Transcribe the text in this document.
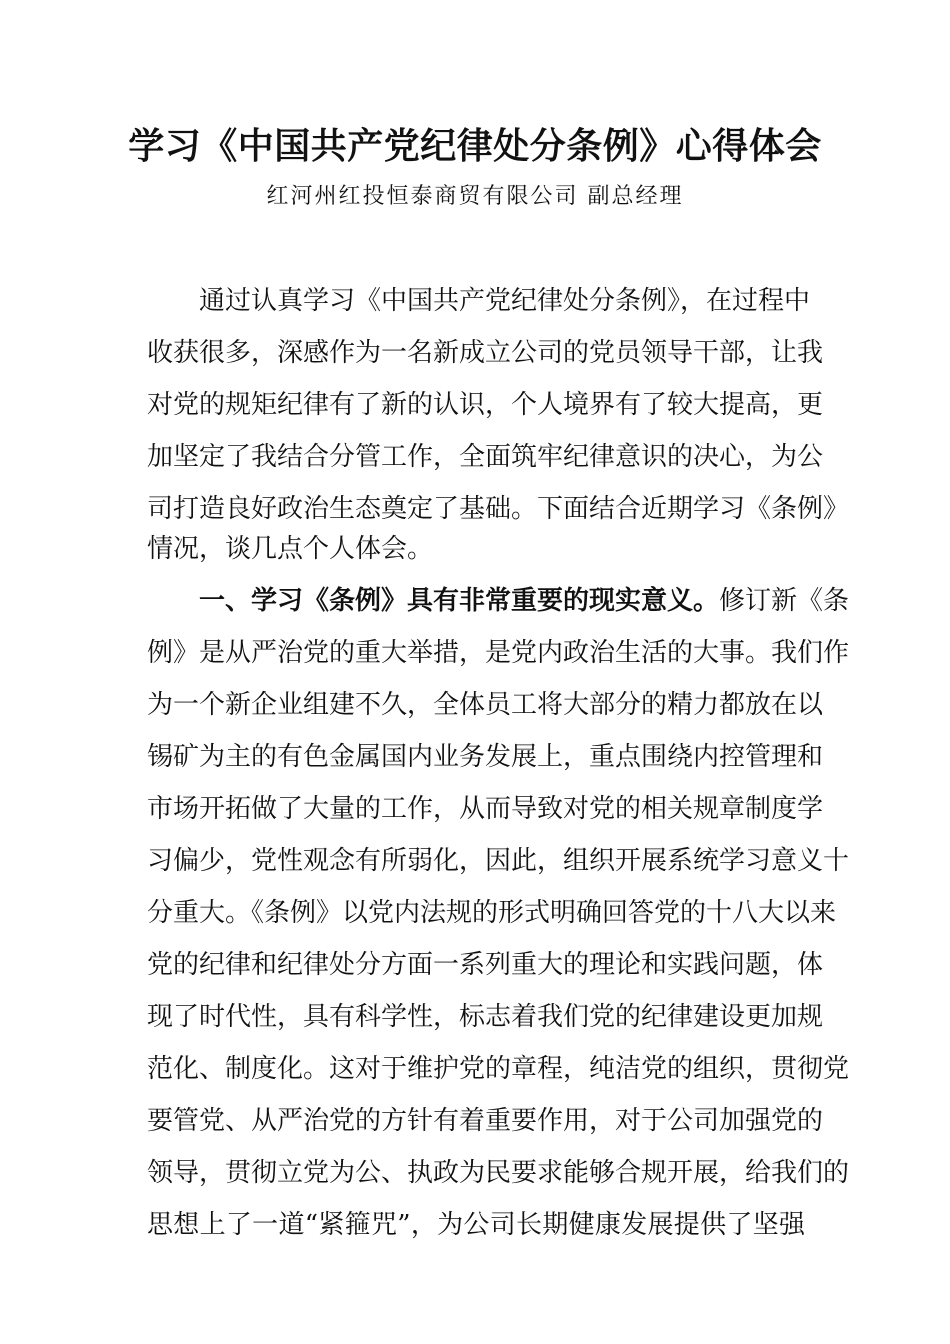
学习《中国共产党纪律处分条例》心得体会
红河州红投恒泰商贸有限公司 副总经理
通过认真学习《中国共产党纪律处分条例》，在过程中
收获很多，深感作为一名新成立公司的党员领导干部，让我
对党的规矩纪律有了新的认识，个人境界有了较大提高，更
加坚定了我结合分管工作，全面筑牢纪律意识的决心，为公
司打造良好政治生态奠定了基础。下面结合近期学习《条例》
情况，谈几点个人体会。
一、学习《条例》具有非常重要的现实意义。修订新《条
例》是从严治党的重大举措，是党内政治生活的大事。我们作
为一个新企业组建不久，全体员工将大部分的精力都放在以
锡矿为主的有色金属国内业务发展上，重点围绕内控管理和
市场开拓做了大量的工作，从而导致对党的相关规章制度学
习偏少，党性观念有所弱化，因此，组织开展系统学习意义十
分重大。《条例》以党内法规的形式明确回答党的十八大以来
党的纪律和纪律处分方面一系列重大的理论和实践问题，体
现了时代性，具有科学性，标志着我们党的纪律建设更加规
范化、制度化。这对于维护党的章程，纯洁党的组织，贯彻党
要管党、从严治党的方针有着重要作用，对于公司加强党的
领导，贯彻立党为公、执政为民要求能够合规开展，给我们的
思想上了一道“紧箍咒”，为公司长期健康发展提供了坚强
